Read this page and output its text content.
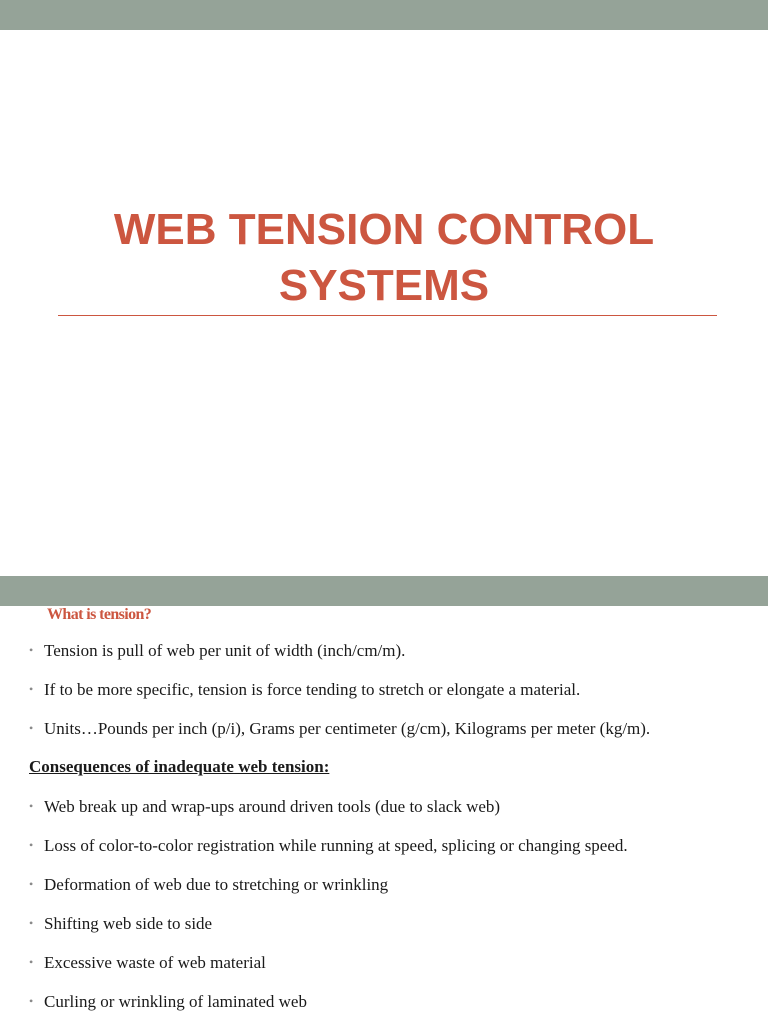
WEB TENSION CONTROL
SYSTEMS
What is tension?
• Tension is pull of web per unit of width (inch/cm/m).
• If to be more specific, tension is force tending to stretch or elongate a material.
• Units…Pounds per inch (p/i), Grams per centimeter (g/cm), Kilograms per meter (kg/m).
Consequences of inadequate web tension:
• Web break up and wrap-ups around driven tools (due to slack web)
• Loss of color-to-color registration while running at speed, splicing or changing speed.
• Deformation of web due to stretching or wrinkling
• Shifting web side to side
• Excessive waste of web material
• Curling or wrinkling of laminated web
